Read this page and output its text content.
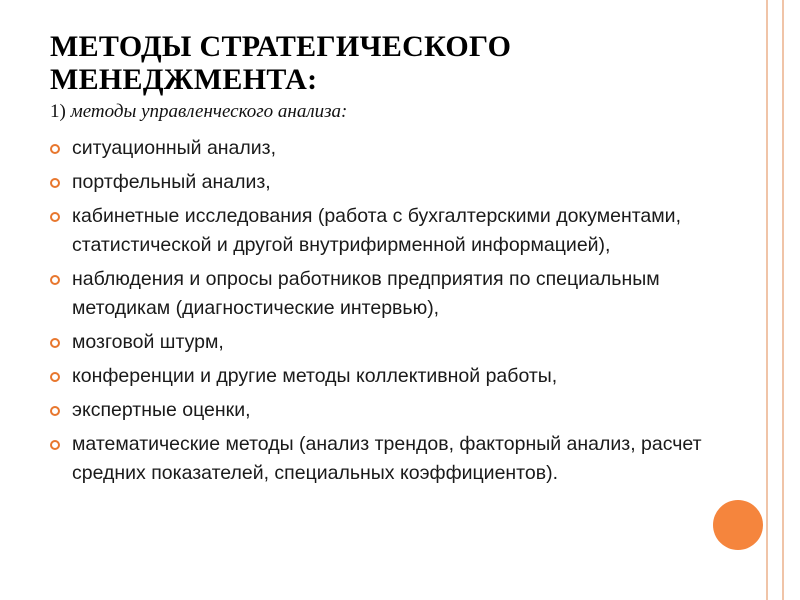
МЕТОДЫ СТРАТЕГИЧЕСКОГО МЕНЕДЖМЕНТА:
1) методы управленческого анализа:
ситуационный анализ,
портфельный анализ,
кабинетные исследования (работа с бухгалтерскими документами, статистической и другой внутрифирменной информацией),
наблюдения и опросы работников предприятия по специальным методикам (диагностические интервью),
мозговой штурм,
конференции и другие методы коллективной работы,
экспертные оценки,
математические методы (анализ трендов, факторный анализ, расчет средних показателей, специальных коэффициентов).
